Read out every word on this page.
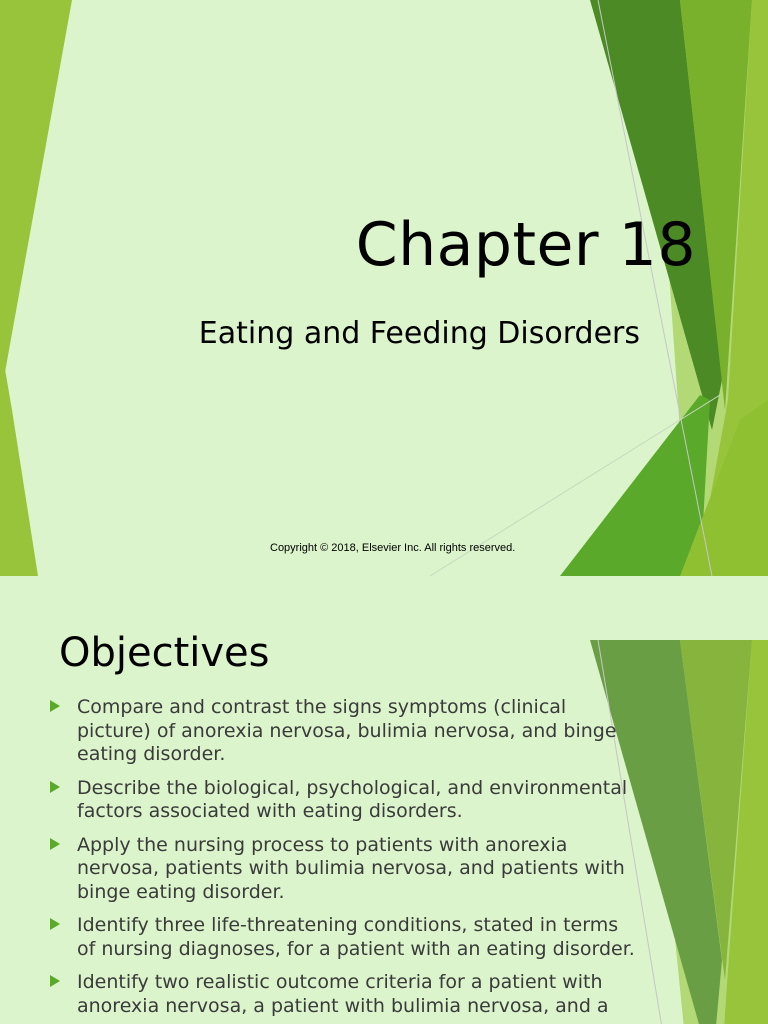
Chapter 18
Eating and Feeding Disorders
Copyright © 2018, Elsevier Inc. All rights reserved.
Objectives
Compare and contrast the signs symptoms (clinical picture) of anorexia nervosa, bulimia nervosa, and binge eating disorder.
Describe the biological, psychological, and environmental factors associated with eating disorders.
Apply the nursing process to patients with anorexia nervosa, patients with bulimia nervosa, and patients with binge eating disorder.
Identify three life-threatening conditions, stated in terms of nursing diagnoses, for a patient with an eating disorder.
Identify two realistic outcome criteria for a patient with anorexia nervosa, a patient with bulimia nervosa, and a
